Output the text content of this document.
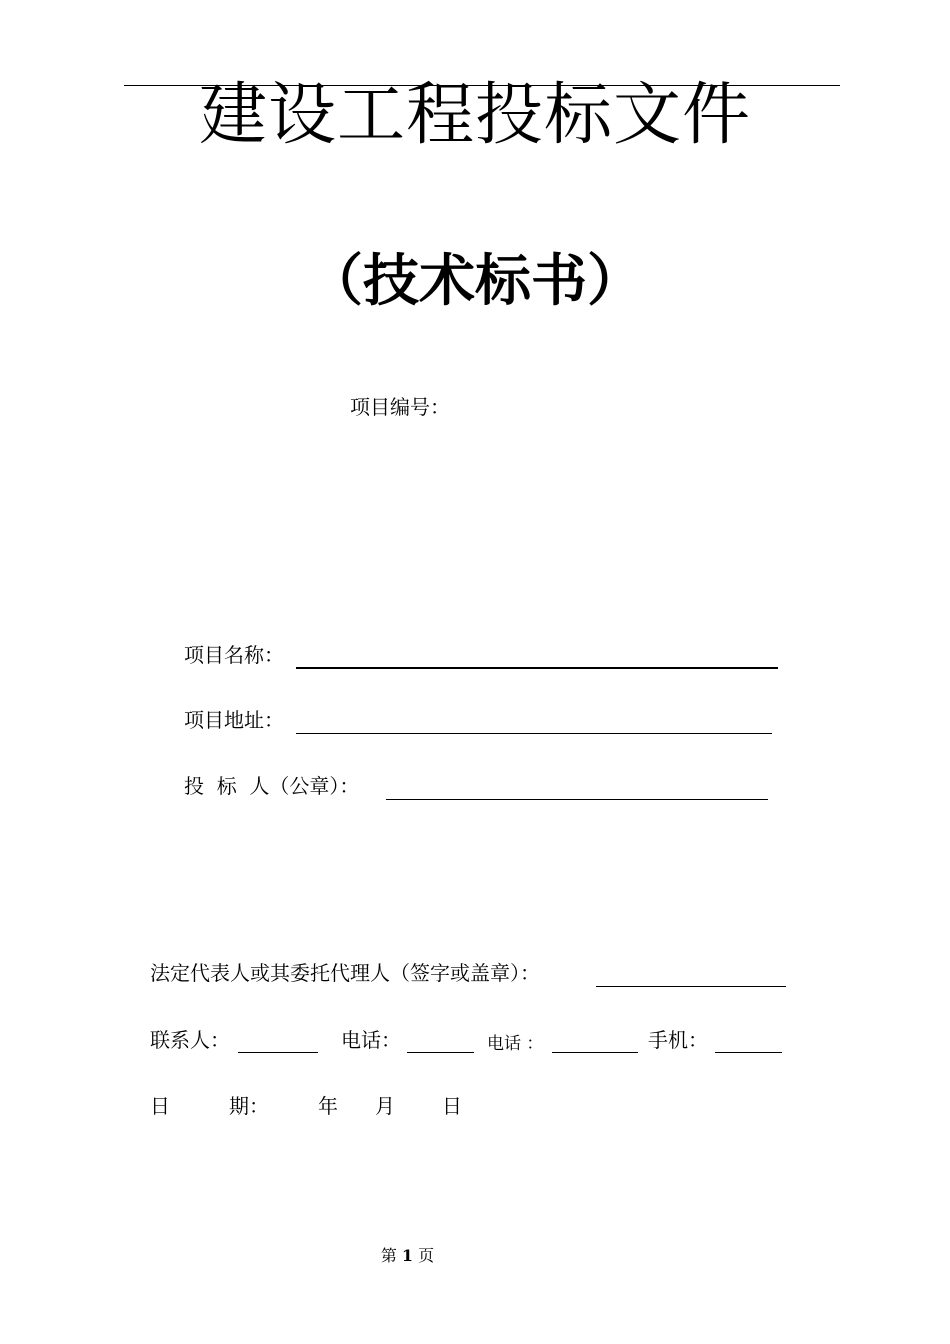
建设工程投标文件
（技术标书）
项目编号：
项目名称：
项目地址：
投  标  人（公章）：
法定代表人或其委托代理人（签字或盖章）：
联系人：	电话：	电话 ：	手机：
日	期： 年 月 日
第 1 页
